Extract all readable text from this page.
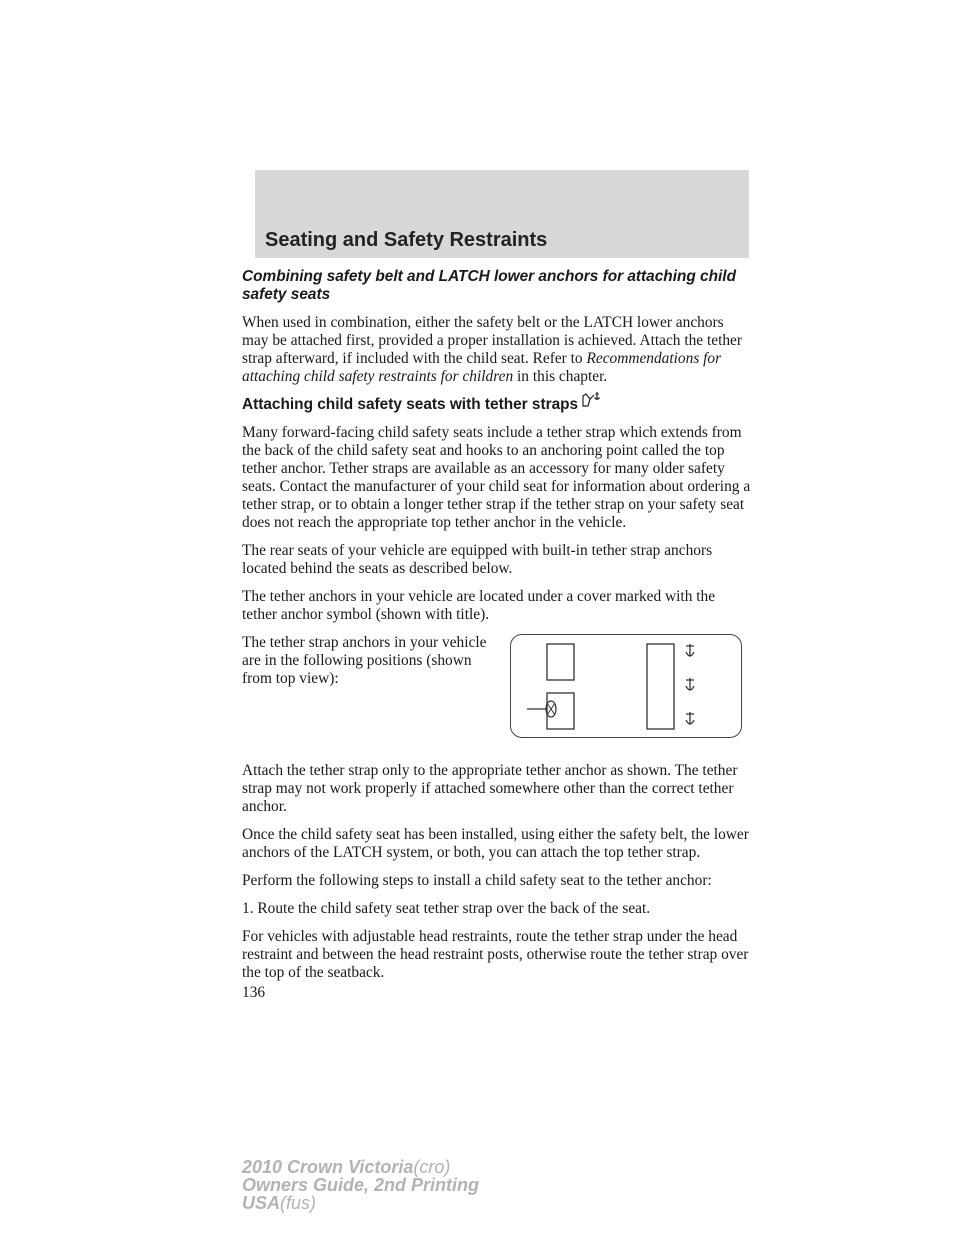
Seating and Safety Restraints

Combining safety belt and LATCH lower anchors for attaching child safety seats

When used in combination, either the safety belt or the LATCH lower anchors may be attached first, provided a proper installation is achieved. Attach the tether strap afterward, if included with the child seat. Refer to Recommendations for attaching child safety restraints for children in this chapter.

Attaching child safety seats with tether straps

Many forward-facing child safety seats include a tether strap which extends from the back of the child safety seat and hooks to an anchoring point called the top tether anchor. Tether straps are available as an accessory for many older safety seats. Contact the manufacturer of your child seat for information about ordering a tether strap, or to obtain a longer tether strap if the tether strap on your safety seat does not reach the appropriate top tether anchor in the vehicle.

The rear seats of your vehicle are equipped with built-in tether strap anchors located behind the seats as described below.

The tether anchors in your vehicle are located under a cover marked with the tether anchor symbol (shown with title).

The tether strap anchors in your vehicle are in the following positions (shown from top view):

Attach the tether strap only to the appropriate tether anchor as shown. The tether strap may not work properly if attached somewhere other than the correct tether anchor.

Once the child safety seat has been installed, using either the safety belt, the lower anchors of the LATCH system, or both, you can attach the top tether strap.

Perform the following steps to install a child safety seat to the tether anchor:

1. Route the child safety seat tether strap over the back of the seat.

For vehicles with adjustable head restraints, route the tether strap under the head restraint and between the head restraint posts, otherwise route the tether strap over the top of the seatback.

136

2010 Crown Victoria(cro)
Owners Guide, 2nd Printing
USA(fus)
